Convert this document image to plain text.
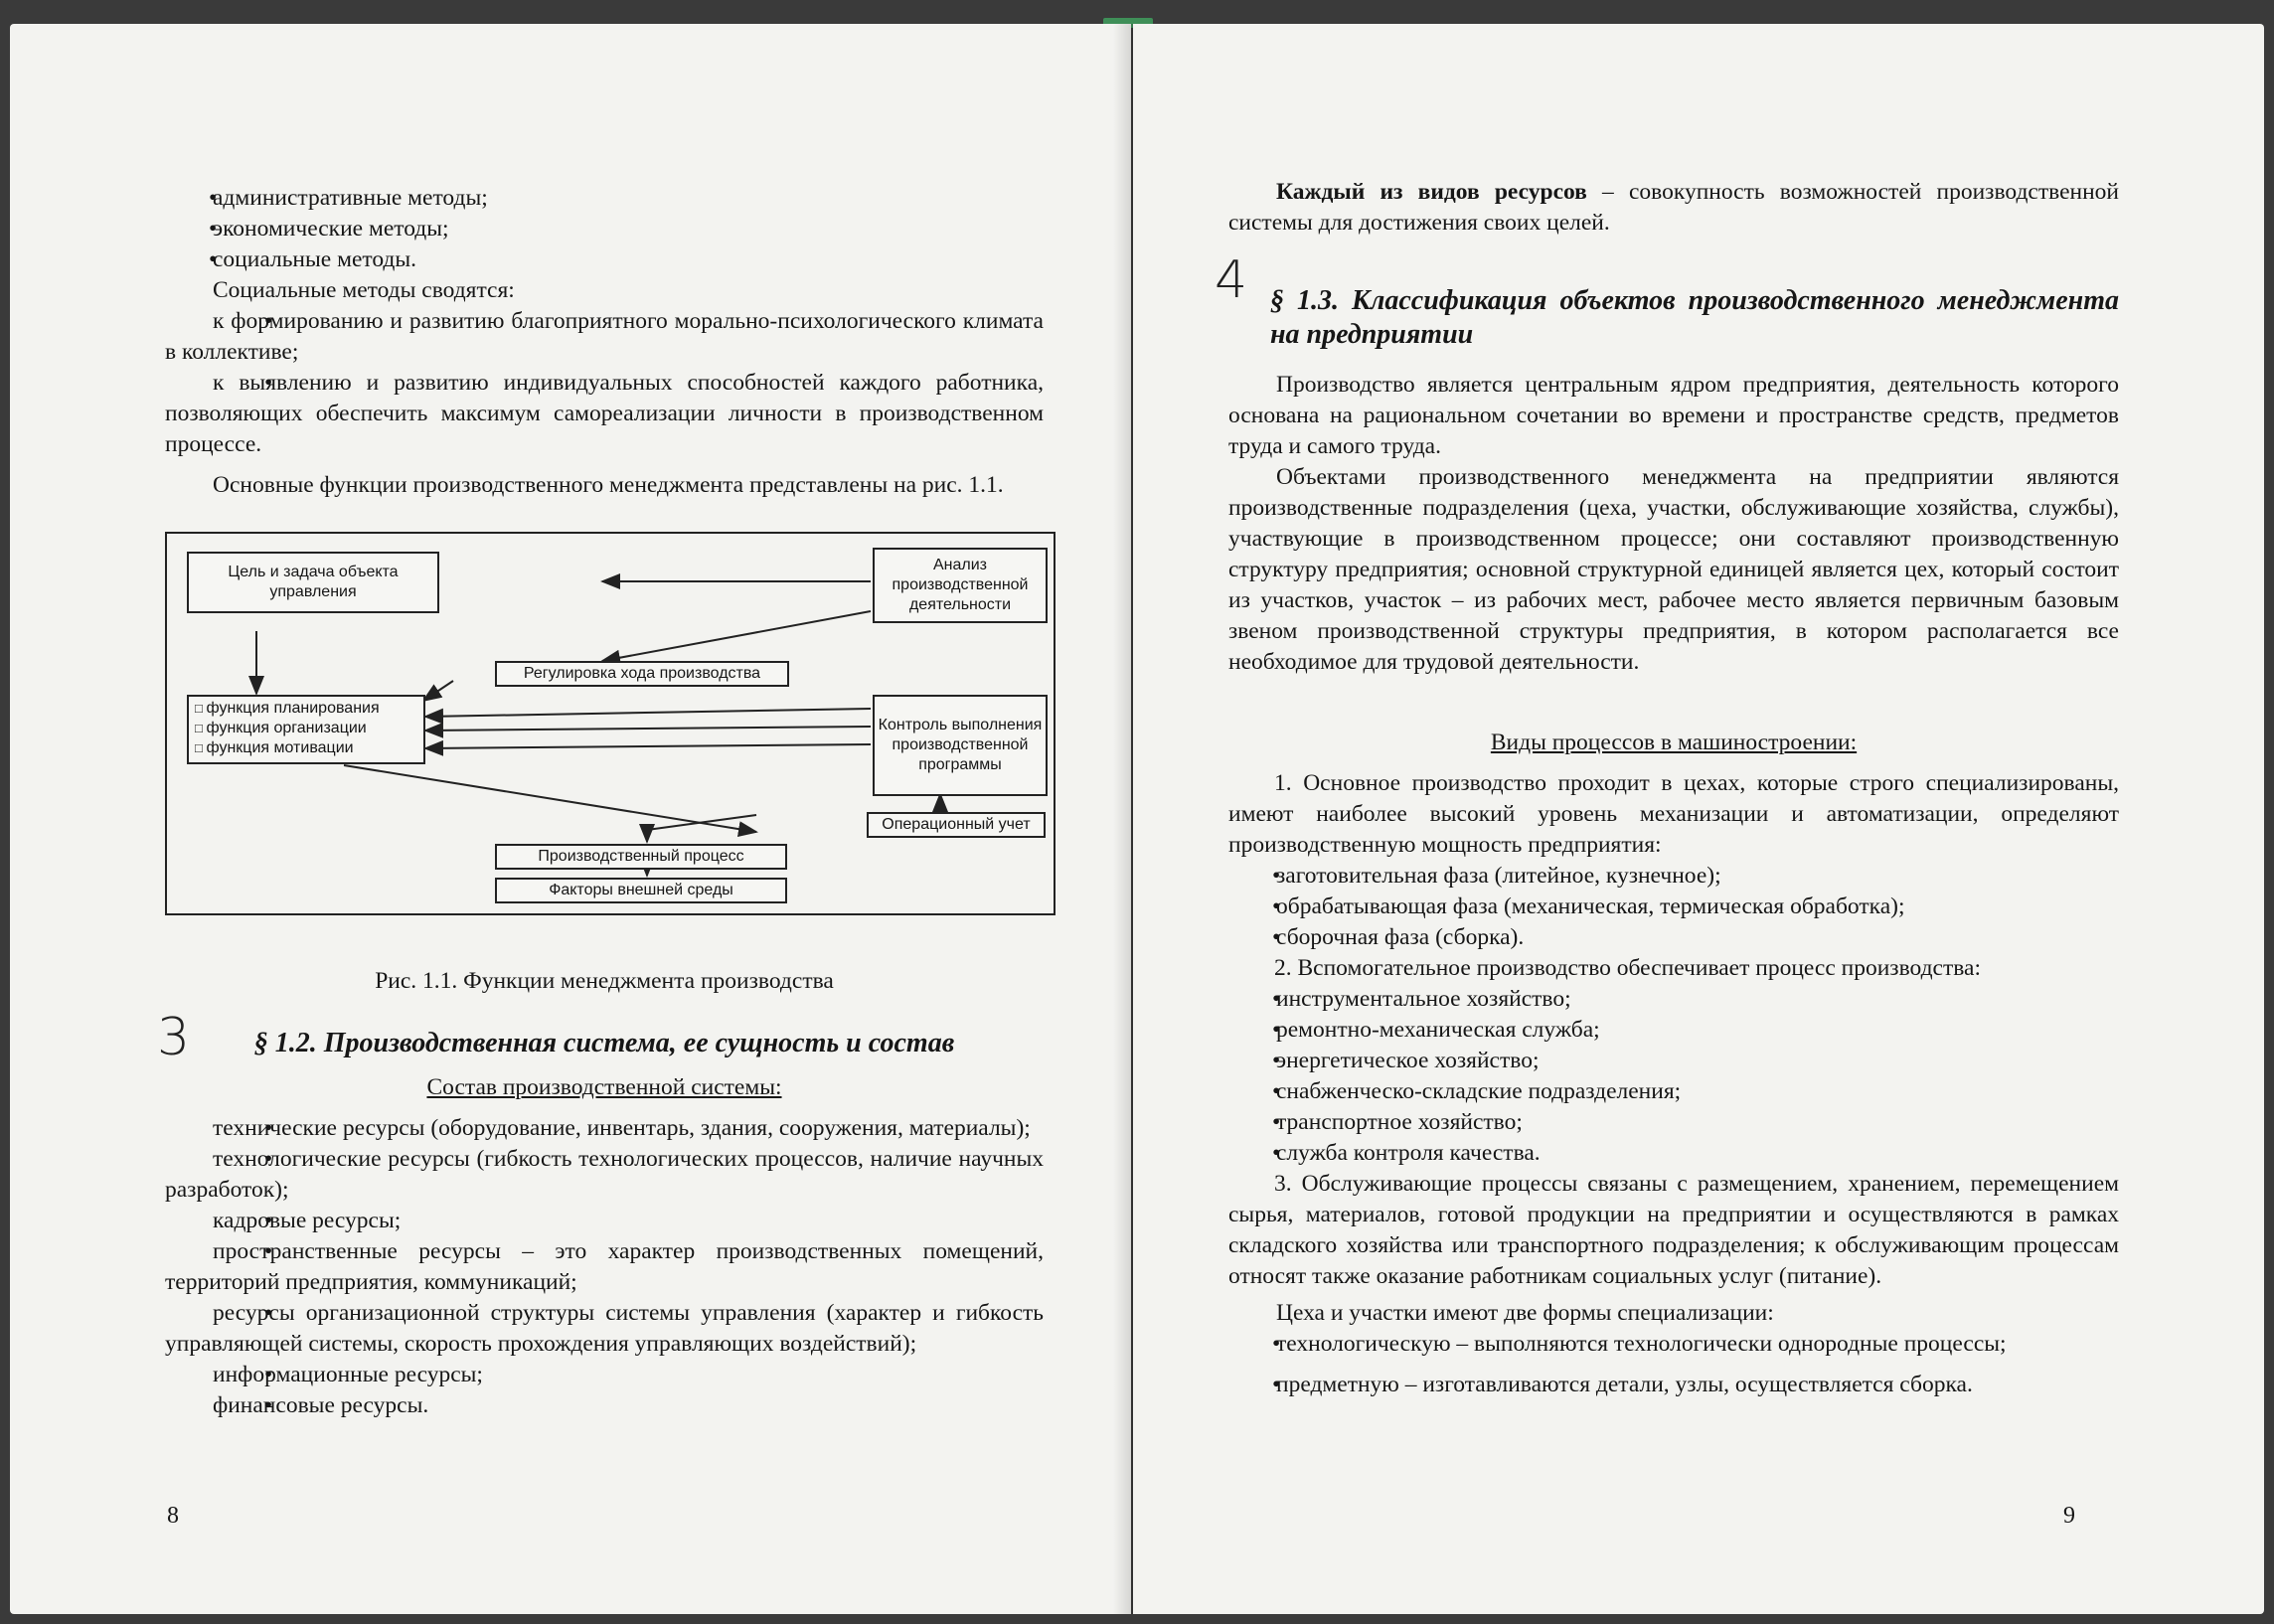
• административные методы;

• экономические методы;

• социальные методы.

Социальные методы сводятся:

• к формированию и развитию благоприятного морально-психологического климата в коллективе;

• к выявлению и развитию индивидуальных способностей каждого работника, позволяющих обеспечить максимум самореализации личности в производственном процессе.

Основные функции производственного менеджмента представлены на рис. 1.1.

Цель и задача объекта управления
Анализ производственной деятельности
Регулировка хода производства
□ функция планирования
□ функция организации
□ функция мотивации
Контроль выполнения производственной программы
Операционный учет
Производственный процесс
Факторы внешней среды

Рис. 1.1. Функции менеджмента производства

§ 1.2. Производственная система, ее сущность и состав

Состав производственной системы:

• технические ресурсы (оборудование, инвентарь, здания, сооружения, материалы);

• технологические ресурсы (гибкость технологических процессов, наличие научных разработок);

• кадровые ресурсы;

• пространственные ресурсы – это характер производственных помещений, территорий предприятия, коммуникаций;

• ресурсы организационной структуры системы управления (характер и гибкость управляющей системы, скорость прохождения управляющих воздействий);

• информационные ресурсы;

• финансовые ресурсы.

3
8

Каждый из видов ресурсов – совокупность возможностей производственной системы для достижения своих целей.

§ 1.3. Классификация объектов производственного менеджмента на предприятии

Производство является центральным ядром предприятия, деятельность которого основана на рациональном сочетании во времени и пространстве средств, предметов труда и самого труда.

Объектами производственного менеджмента на предприятии являются производственные подразделения (цеха, участки, обслуживающие хозяйства, службы), участвующие в производственном процессе; они составляют производственную структуру предприятия; основной структурной единицей является цех, который состоит из участков, участок – из рабочих мест, рабочее место является первичным базовым звеном производственной структуры предприятия, в котором располагается все необходимое для трудовой деятельности.

Виды процессов в машиностроении:

1. Основное производство проходит в цехах, которые строго специализированы, имеют наиболее высокий уровень механизации и автоматизации, определяют производственную мощность предприятия:

• заготовительная фаза (литейное, кузнечное);

• обрабатывающая фаза (механическая, термическая обработка);

• сборочная фаза (сборка).

2. Вспомогательное производство обеспечивает процесс производства:

• инструментальное хозяйство;

• ремонтно-механическая служба;

• энергетическое хозяйство;

• снабженческо-складские подразделения;

• транспортное хозяйство;

• служба контроля качества.

3. Обслуживающие процессы связаны с размещением, хранением, перемещением сырья, материалов, готовой продукции на предприятии и осуществляются в рамках складского хозяйства или транспортного подразделения; к обслуживающим процессам относят также оказание работникам социальных услуг (питание).

Цеха и участки имеют две формы специализации:

• технологическую – выполняются технологически однородные процессы;

• предметную – изготавливаются детали, узлы, осуществляется сборка.

4
9
